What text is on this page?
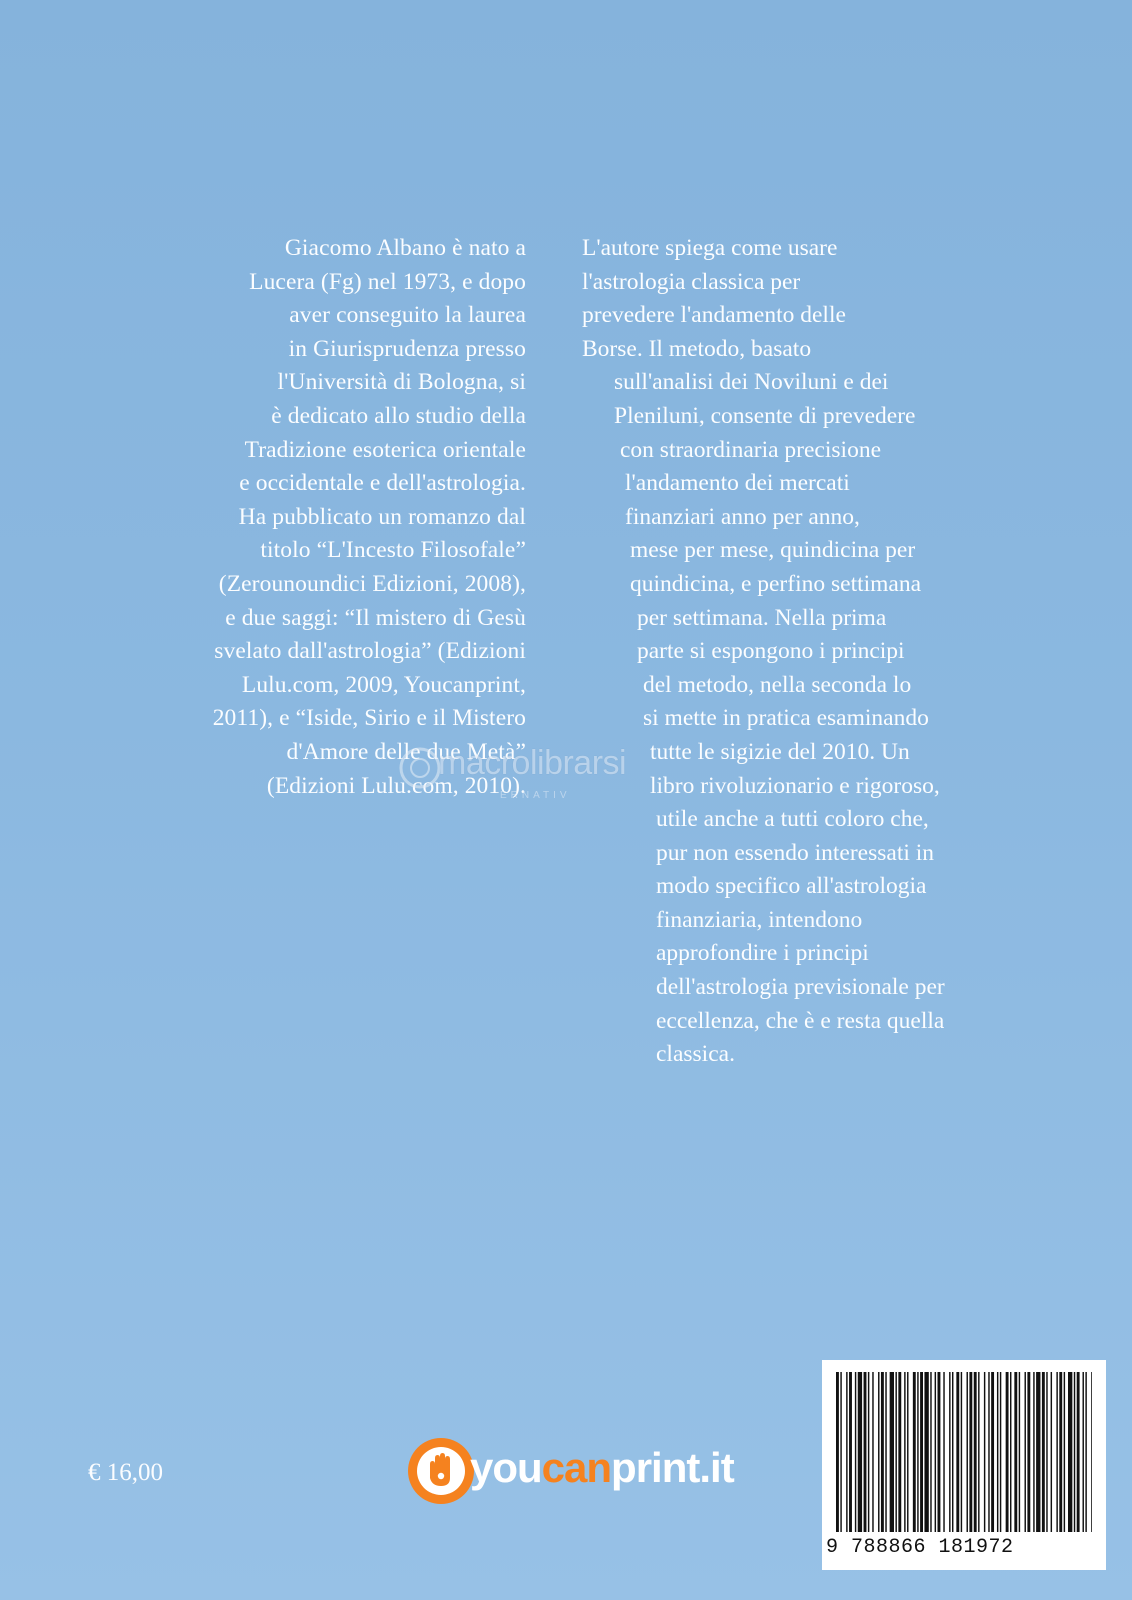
Giacomo Albano è nato a
Lucera (Fg) nel 1973, e dopo
aver conseguito la laurea
in Giurisprudenza presso
l'Università di Bologna, si
è dedicato allo studio della
Tradizione esoterica orientale
e occidentale e dell'astrologia.
Ha pubblicato un romanzo dal
titolo “L'Incesto Filosofale”
(Zerounoundici Edizioni, 2008),
e due saggi: “Il mistero di Gesù
svelato dall'astrologia” (Edizioni
Lulu.com, 2009, Youcanprint,
2011), e “Iside, Sirio e il Mistero
d'Amore delle due Metà”
(Edizioni Lulu.com, 2010).
L'autore spiega come usare
l'astrologia classica per
prevedere l'andamento delle
Borse. Il metodo, basato
sull'analisi dei Noviluni e dei
Pleniluni, consente di prevedere
con straordinaria precisione
l'andamento dei mercati
finanziari anno per anno,
mese per mese, quindicina per
quindicina, e perfino settimana
per settimana. Nella prima
parte si espongono i principi
del metodo, nella seconda lo
si mette in pratica esaminando
tutte le sigizie del 2010. Un
libro rivoluzionario e rigoroso,
utile anche a tutti coloro che,
pur non essendo interessati in
modo specifico all'astrologia
finanziaria, intendono
approfondire i principi
dell'astrologia previsionale per
eccellenza, che è e resta quella
classica.
macrolibrarsi
ERNATIV
€ 16,00	youcanprint.it
9 788866 181972
